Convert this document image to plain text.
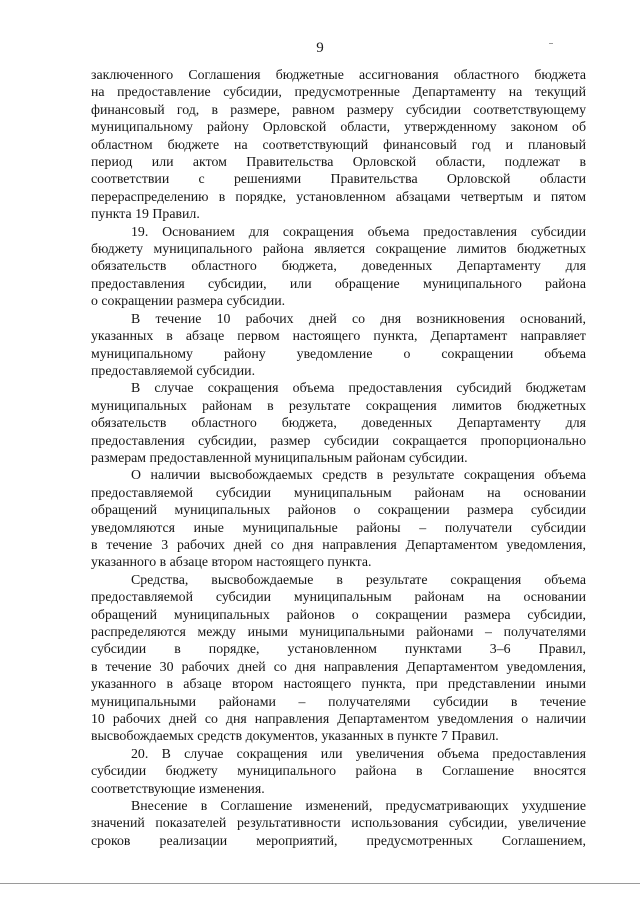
9
заключенного Соглашения бюджетные ассигнования областного бюджета
на предоставление субсидии, предусмотренные Департаменту на текущий
финансовый год, в размере, равном размеру субсидии соответствующему
муниципальному району Орловской области, утвержденному законом об
областном бюджете на соответствующий финансовый год и плановый
период или актом Правительства Орловской области, подлежат в
соответствии с решениями Правительства Орловской области
перераспределению в порядке, установленном абзацами четвертым и пятом
пункта 19 Правил.
19. Основанием для сокращения объема предоставления субсидии
бюджету муниципального района является сокращение лимитов бюджетных
обязательств областного бюджета, доведенных Департаменту для
предоставления субсидии, или обращение муниципального района
о сокращении размера субсидии.
В течение 10 рабочих дней со дня возникновения оснований,
указанных в абзаце первом настоящего пункта, Департамент направляет
муниципальному району уведомление о сокращении объема
предоставляемой субсидии.
В случае сокращения объема предоставления субсидий бюджетам
муниципальных районам в результате сокращения лимитов бюджетных
обязательств областного бюджета, доведенных Департаменту для
предоставления субсидии, размер субсидии сокращается пропорционально
размерам предоставленной муниципальным районам субсидии.
О наличии высвобождаемых средств в результате сокращения объема
предоставляемой субсидии муниципальным районам на основании
обращений муниципальных районов о сокращении размера субсидии
уведомляются иные муниципальные районы – получатели субсидии
в течение 3 рабочих дней со дня направления Департаментом уведомления,
указанного в абзаце втором настоящего пункта.
Средства, высвобождаемые в результате сокращения объема
предоставляемой субсидии муниципальным районам на основании
обращений муниципальных районов о сокращении размера субсидии,
распределяются между иными муниципальными районами – получателями
субсидии в порядке, установленном пунктами 3–6 Правил,
в течение 30 рабочих дней со дня направления Департаментом уведомления,
указанного в абзаце втором настоящего пункта, при представлении иными
муниципальными районами – получателями субсидии в течение
10 рабочих дней со дня направления Департаментом уведомления о наличии
высвобождаемых средств документов, указанных в пункте 7 Правил.
20. В случае сокращения или увеличения объема предоставления
субсидии бюджету муниципального района в Соглашение вносятся
соответствующие изменения.
Внесение в Соглашение изменений, предусматривающих ухудшение
значений показателей результативности использования субсидии, увеличение
сроков реализации мероприятий, предусмотренных Соглашением,
